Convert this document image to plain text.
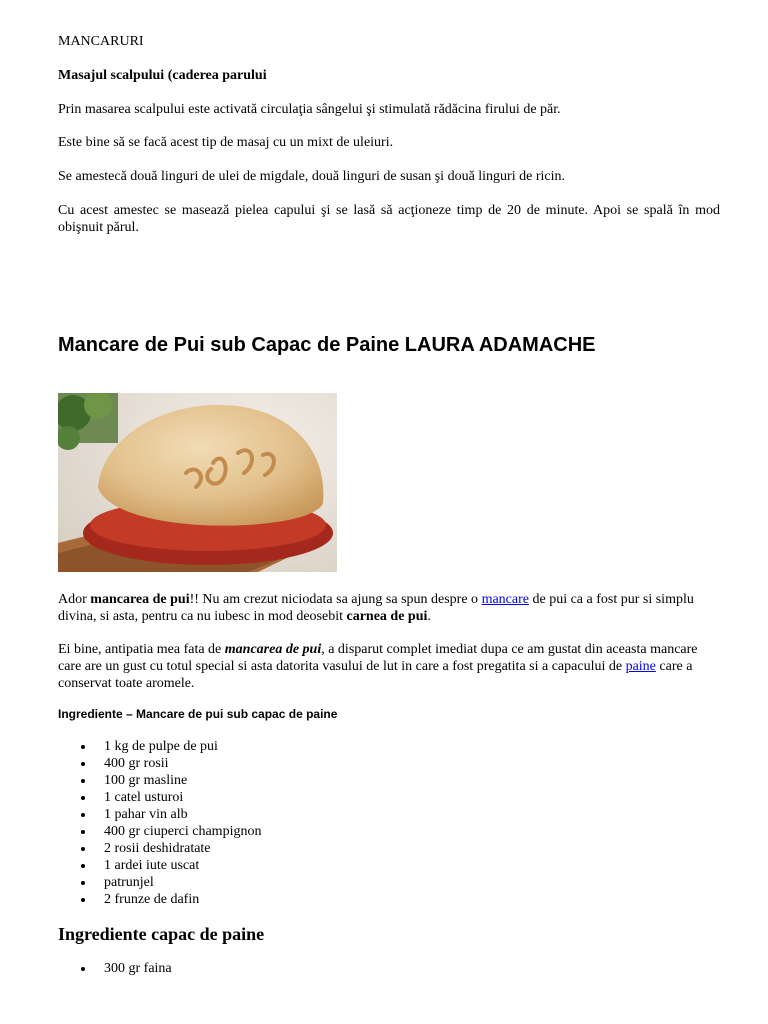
MANCARURI

Masajul scalpului (caderea parului

Prin masarea scalpului este activată circulaţia sângelui şi stimulată rădăcina firului de păr.

Este bine să se facă acest tip de masaj cu un mixt de uleiuri.

Se amestecă două linguri de ulei de migdale, două linguri de susan şi două linguri de ricin.

Cu acest amestec se masează pielea capului şi se lasă să acţioneze timp de 20 de minute. Apoi se spală în mod obişnuit părul.

Mancare de Pui sub Capac de Paine LAURA ADAMACHE

Ador mancarea de pui!! Nu am crezut niciodata sa ajung sa spun despre o mancare de pui ca a fost pur si simplu divina, si asta, pentru ca nu iubesc in mod deosebit carnea de pui.

Ei bine, antipatia mea fata de mancarea de pui, a disparut complet imediat dupa ce am gustat din aceasta mancare care are un gust cu totul special si asta datorita vasului de lut in care a fost pregatita si a capacului de paine care a conservat toate aromele.

Ingrediente – Mancare de pui sub capac de paine
1 kg de pulpe de pui
400 gr rosii
100 gr masline
1 catel usturoi
1 pahar vin alb
400 gr ciuperci champignon
2 rosii deshidratate
1 ardei iute uscat
patrunjel
2 frunze de dafin
Ingrediente capac de paine
300 gr faina
